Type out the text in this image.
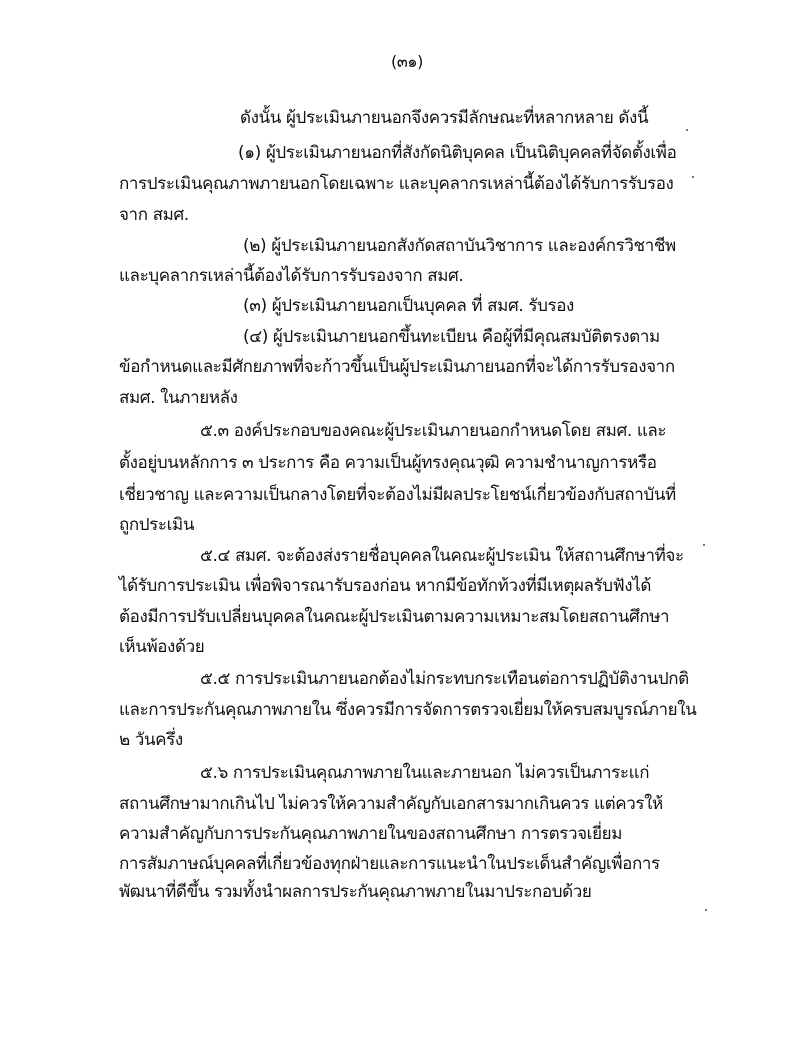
(๓๑)
ดังนั้น ผู้ประเมินภายนอกจึงควรมีลักษณะที่หลากหลาย ดังนี้
(๑) ผู้ประเมินภายนอกที่สังกัดนิติบุคคล เป็นนิติบุคคลที่จัดตั้งเพื่อ
การประเมินคุณภาพภายนอกโดยเฉพาะ และบุคลากรเหล่านี้ต้องได้รับการรับรอง
จาก สมศ.
(๒) ผู้ประเมินภายนอกสังกัดสถาบันวิชาการ และองค์กรวิชาชีพ
และบุคลากรเหล่านี้ต้องได้รับการรับรองจาก สมศ.
(๓) ผู้ประเมินภายนอกเป็นบุคคล ที่ สมศ. รับรอง
(๔) ผู้ประเมินภายนอกขึ้นทะเบียน คือผู้ที่มีคุณสมบัติตรงตาม
ข้อกำหนดและมีศักยภาพที่จะก้าวขึ้นเป็นผู้ประเมินภายนอกที่จะได้การรับรองจาก
สมศ. ในภายหลัง
๕.๓ องค์ประกอบของคณะผู้ประเมินภายนอกกำหนดโดย สมศ. และ
ตั้งอยู่บนหลักการ ๓ ประการ คือ ความเป็นผู้ทรงคุณวุฒิ ความชำนาญการหรือ
เชี่ยวชาญ และความเป็นกลางโดยที่จะต้องไม่มีผลประโยชน์เกี่ยวข้องกับสถาบันที่
ถูกประเมิน
๕.๔ สมศ. จะต้องส่งรายชื่อบุคคลในคณะผู้ประเมิน ให้สถานศึกษาที่จะ
ได้รับการประเมิน เพื่อพิจารณารับรองก่อน หากมีข้อทักท้วงที่มีเหตุผลรับฟังได้
ต้องมีการปรับเปลี่ยนบุคคลในคณะผู้ประเมินตามความเหมาะสมโดยสถานศึกษา
เห็นพ้องด้วย
๕.๕ การประเมินภายนอกต้องไม่กระทบกระเทือนต่อการปฏิบัติงานปกติ
และการประกันคุณภาพภายใน ซึ่งควรมีการจัดการตรวจเยี่ยมให้ครบสมบูรณ์ภายใน
๒ วันครึ่ง
๕.๖ การประเมินคุณภาพภายในและภายนอก ไม่ควรเป็นภาระแก่
สถานศึกษามากเกินไป ไม่ควรให้ความสำคัญกับเอกสารมากเกินควร แต่ควรให้
ความสำคัญกับการประกันคุณภาพภายในของสถานศึกษา การตรวจเยี่ยม
การสัมภาษณ์บุคคลที่เกี่ยวข้องทุกฝ่ายและการแนะนำในประเด็นสำคัญเพื่อการ
พัฒนาที่ดีขึ้น รวมทั้งนำผลการประกันคุณภาพภายในมาประกอบด้วย
